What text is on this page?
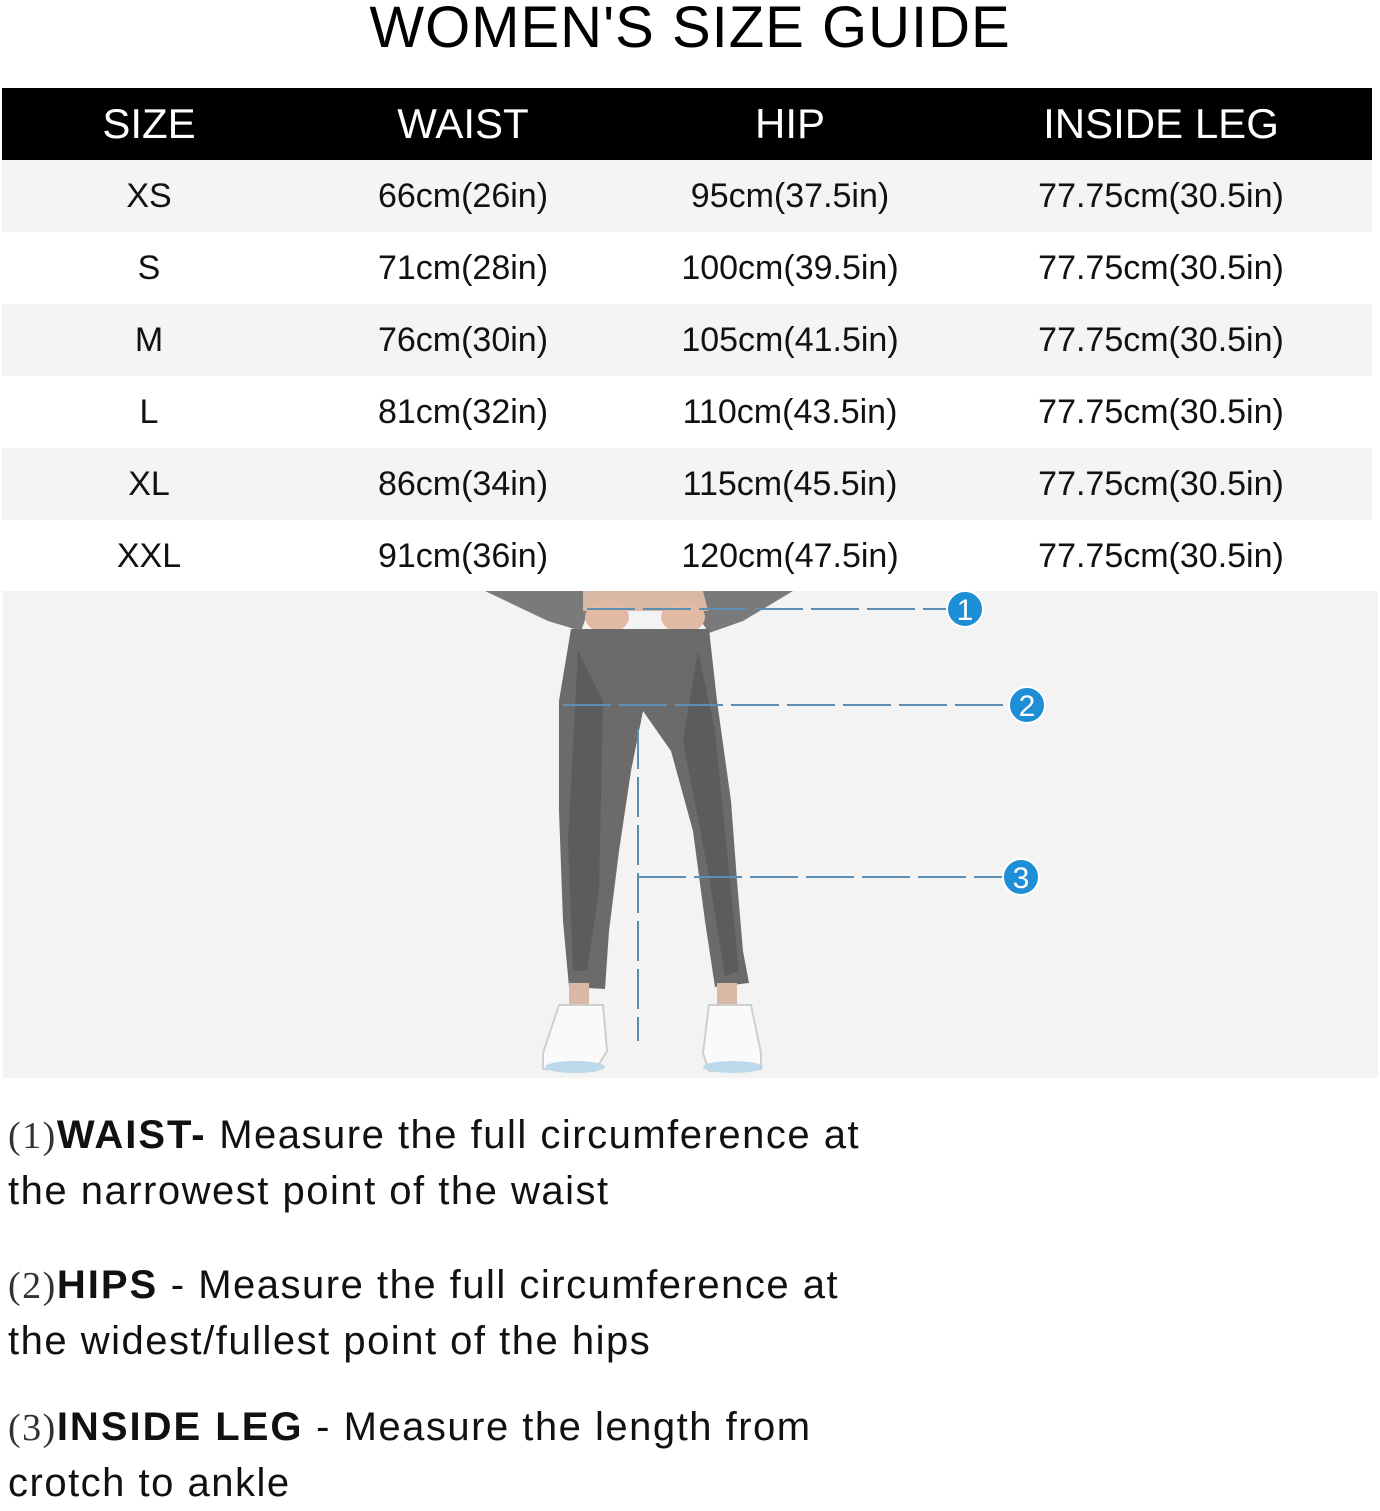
WOMEN'S SIZE GUIDE
SIZE	WAIST	HIP	INSIDE LEG
XS	66cm(26in)	95cm(37.5in)	77.75cm(30.5in)
S	71cm(28in)	100cm(39.5in)	77.75cm(30.5in)
M	76cm(30in)	105cm(41.5in)	77.75cm(30.5in)
L	81cm(32in)	110cm(43.5in)	77.75cm(30.5in)
XL	86cm(34in)	115cm(45.5in)	77.75cm(30.5in)
XXL	91cm(36in)	120cm(47.5in)	77.75cm(30.5in)
1
2
3

(1)WAIST- Measure the full circumference at
the narrowest point of the waist

(2)HIPS - Measure the full circumference at
the widest/fullest point of the hips

(3)INSIDE LEG - Measure the length from
crotch to ankle
